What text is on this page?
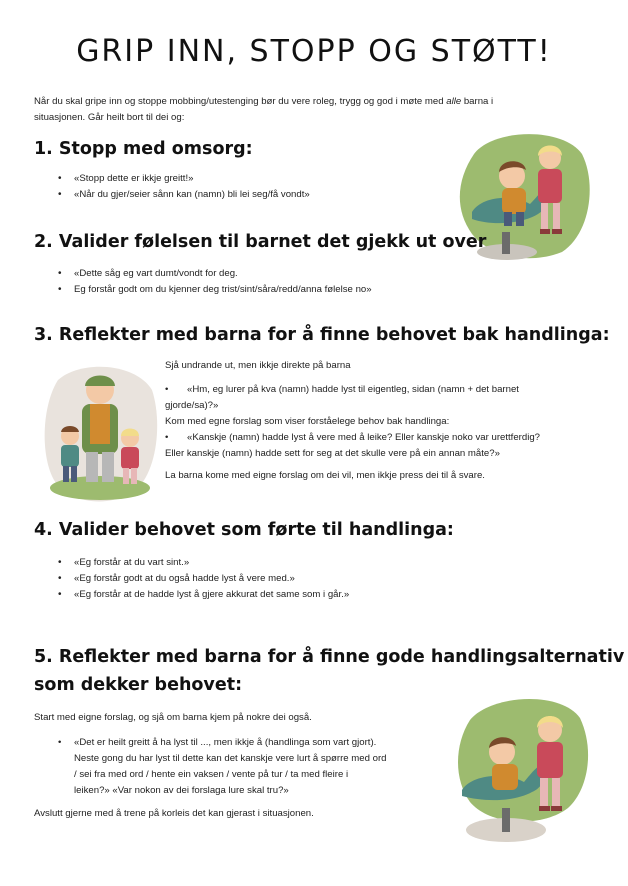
GRIP INN, STOPP OG STØTT!
Når du skal gripe inn og stoppe mobbing/utestenging bør du vere roleg, trygg og god i møte med alle barna i
situasjonen. Går heilt bort til dei og:
1. Stopp med omsorg:
• «Stopp dette er ikkje greitt!»
• «Når du gjer/seier sånn kan (namn) bli lei seg/få vondt»
2. Valider følelsen til barnet det gjekk ut over
• «Dette såg eg vart dumt/vondt for deg.
• Eg forstår godt om du kjenner deg trist/sint/såra/redd/anna følelse no»
3. Reflekter med barna for å finne behovet bak handlinga:
Sjå undrande ut, men ikkje direkte på barna
• «Hm, eg lurer på kva (namn) hadde lyst til eigentleg, sidan (namn + det barnet
gjorde/sa)?»
Kom med egne forslag som viser forståelege behov bak handlinga:
• «Kanskje (namn) hadde lyst å vere med å leike? Eller kanskje noko var urettferdig?
Eller kanskje (namn) hadde sett for seg at det skulle vere på ein annan måte?»
La barna kome med eigne forslag om dei vil, men ikkje press dei til å svare.
4. Valider behovet som førte til handlinga:
• «Eg forstår at du vart sint.»
• «Eg forstår godt at du også hadde lyst å vere med.»
• «Eg forstår at de hadde lyst å gjere akkurat det same som i går.»
5. Reflekter med barna for å finne gode handlingsalternativ
som dekker behovet:
Start med eigne forslag, og sjå om barna kjem på nokre dei også.
• «Det er heilt greitt å ha lyst til ..., men ikkje å (handlinga som vart gjort).
Neste gong du har lyst til dette kan det kanskje vere lurt å spørre med ord
/ sei fra med ord / hente ein vaksen / vente på tur / ta med fleire i
leiken?» «Var nokon av dei forslaga lure skal tru?»
Avslutt gjerne med å trene på korleis det kan gjerast i situasjonen.
